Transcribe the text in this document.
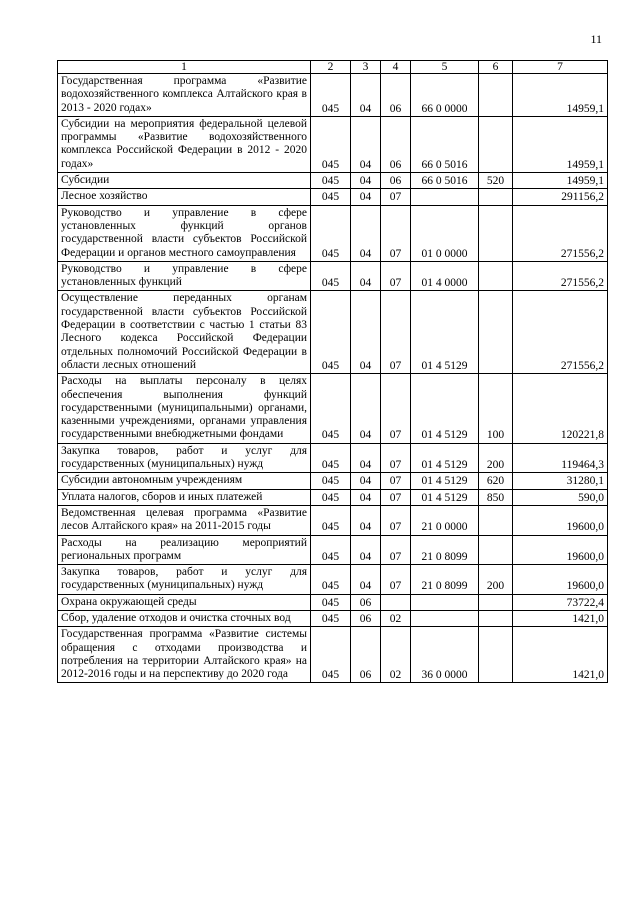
11
1	2	3	4	5	6	7
Государственная программа «Развитие водохозяйственного комплекса Алтайского края в 2013 - 2020 годах»	045	04	06	66 0 0000		14959,1
Субсидии на мероприятия федеральной целевой программы «Развитие водохозяйственного комплекса Российской Федерации в 2012 - 2020 годах»	045	04	06	66 0 5016		14959,1
Субсидии	045	04	06	66 0 5016	520	14959,1
Лесное хозяйство	045	04	07			291156,2
Руководство и управление в сфере установленных функций органов государственной власти субъектов Российской Федерации и органов местного самоуправления	045	04	07	01 0 0000		271556,2
Руководство и управление в сфере установленных функций	045	04	07	01 4 0000		271556,2
Осуществление переданных органам государственной власти субъектов Российской Федерации в соответствии с частью 1 статьи 83 Лесного кодекса Российской Федерации отдельных полномочий Российской Федерации в области лесных отношений	045	04	07	01 4 5129		271556,2
Расходы на выплаты персоналу в целях обеспечения выполнения функций государственными (муниципальными) органами, казенными учреждениями, органами управления государственными внебюджетными фондами	045	04	07	01 4 5129	100	120221,8
Закупка товаров, работ и услуг для государственных (муниципальных) нужд	045	04	07	01 4 5129	200	119464,3
Субсидии автономным учреждениям	045	04	07	01 4 5129	620	31280,1
Уплата налогов, сборов и иных платежей	045	04	07	01 4 5129	850	590,0
Ведомственная целевая программа «Развитие лесов Алтайского края» на 2011-2015 годы	045	04	07	21 0 0000		19600,0
Расходы на реализацию мероприятий региональных программ	045	04	07	21 0 8099		19600,0
Закупка товаров, работ и услуг для государственных (муниципальных) нужд	045	04	07	21 0 8099	200	19600,0
Охрана окружающей среды	045	06				73722,4
Сбор, удаление отходов и очистка сточных вод	045	06	02			1421,0
Государственная программа «Развитие системы обращения с отходами производства и потребления на территории Алтайского края» на 2012-2016 годы и на перспективу до 2020 года	045	06	02	36 0 0000		1421,0
